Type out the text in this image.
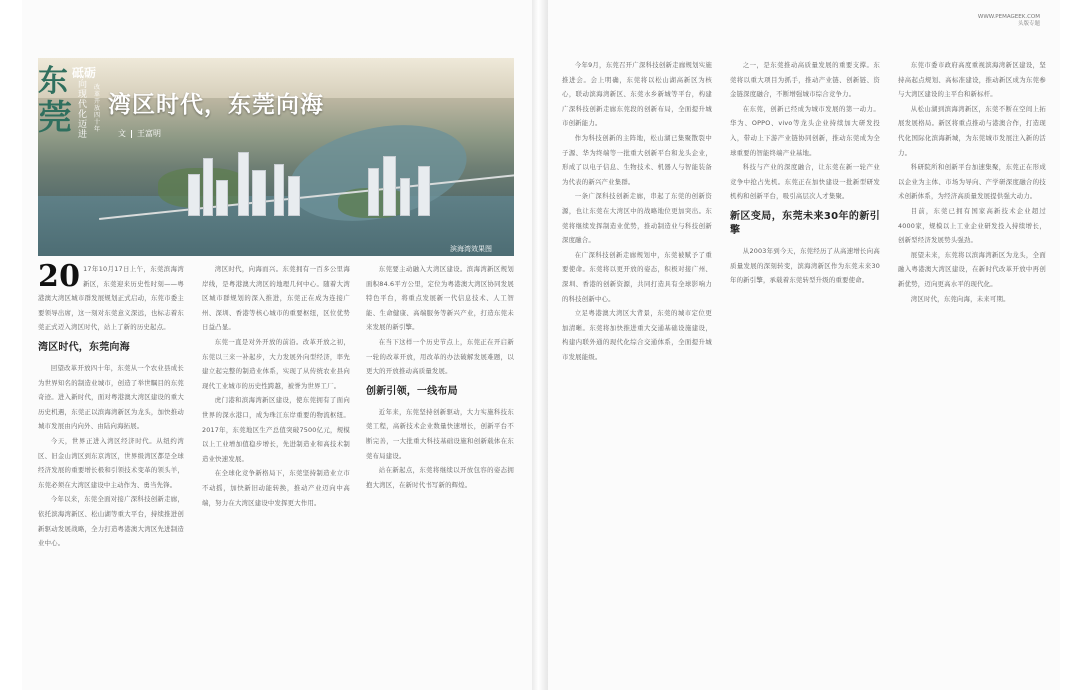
砥砺
东
莞
向现代化迈进
改革开放四十年
湾区时代，东莞向海
文 王富明
滨海湾效果图

20 17年10月17日上午，东莞滨海湾新区，东莞迎来历史性时刻——粤港澳大湾区城市群发展规划正式启动，东莞市委主要领导出席，这一刻对东莞意义深远，也标志着东莞正式迈入湾区时代，站上了新的历史起点。

湾区时代，东莞向海

回望改革开放四十年，东莞从一个农业县成长为世界知名的制造业城市，创造了举世瞩目的东莞奇迹。进入新时代，面对粤港澳大湾区建设的重大历史机遇，东莞正以滨海湾新区为龙头，加快推动城市发展由内向外、由陆向海拓展。

今天，世界正进入湾区经济时代。从纽约湾区、旧金山湾区到东京湾区，世界级湾区都是全球经济发展的重要增长极和引领技术变革的领头羊，东莞必须在大湾区建设中主动作为、勇当先锋。

今年以来，东莞全面对接广深科技创新走廊，依托滨海湾新区、松山湖等重大平台，持续推进创新驱动发展战略，全力打造粤港澳大湾区先进制造业中心。

湾区时代，向海而兴。东莞拥有一百多公里海岸线，是粤港澳大湾区的地理几何中心。随着大湾区城市群规划的深入推进，东莞正在成为连接广州、深圳、香港等核心城市的重要枢纽，区位优势日益凸显。

东莞一直是对外开放的前沿。改革开放之初，东莞以三来一补起步，大力发展外向型经济，率先建立起完整的制造业体系，实现了从传统农业县向现代工业城市的历史性跨越，被誉为世界工厂。

虎门港和滨海湾新区建设，使东莞拥有了面向世界的深水港口，成为珠江东岸重要的物流枢纽。2017年，东莞地区生产总值突破7500亿元，规模以上工业增加值稳步增长，先进制造业和高技术制造业快速发展。

在全球化竞争新格局下，东莞坚持制造业立市不动摇，加快新旧动能转换，推动产业迈向中高端，努力在大湾区建设中发挥更大作用。

东莞要主动融入大湾区建设。滨海湾新区规划面积84.6平方公里，定位为粤港澳大湾区协同发展特色平台，将重点发展新一代信息技术、人工智能、生命健康、高端服务等新兴产业，打造东莞未来发展的新引擎。

在当下这样一个历史节点上，东莞正在开启新一轮的改革开放，用改革的办法破解发展难题，以更大的开放推动高质量发展。

创新引领，一线布局

近年来，东莞坚持创新驱动，大力实施科技东莞工程，高新技术企业数量快速增长，创新平台不断完善，一大批重大科技基础设施和创新载体在东莞布局建设。

站在新起点，东莞将继续以开放包容的姿态拥抱大湾区，在新时代书写新的辉煌。

WWW.PEMAGEEK.COM
头版专题

今年9月，东莞召开广深科技创新走廊规划实施推进会。会上明确，东莞将以松山湖高新区为核心，联动滨海湾新区、东莞水乡新城等平台，构建广深科技创新走廊东莞段的创新布局，全面提升城市创新能力。

作为科技创新的主阵地，松山湖已集聚散裂中子源、华为终端等一批重大创新平台和龙头企业，形成了以电子信息、生物技术、机器人与智能装备为代表的新兴产业集群。

一条广深科技创新走廊，串起了东莞的创新资源，也让东莞在大湾区中的战略地位更加突出。东莞将继续发挥制造业优势，推动制造业与科技创新深度融合。

在广深科技创新走廊规划中，东莞被赋予了重要使命。东莞将以更开放的姿态，积极对接广州、深圳、香港的创新资源，共同打造具有全球影响力的科技创新中心。

立足粤港澳大湾区大背景，东莞的城市定位更加清晰。东莞将加快推进重大交通基础设施建设，构建内联外通的现代化综合交通体系，全面提升城市发展能级。

之一，是东莞推动高质量发展的重要支撑。东莞将以重大项目为抓手，推动产业链、创新链、资金链深度融合，不断增强城市综合竞争力。

在东莞，创新已经成为城市发展的第一动力。华为、OPPO、vivo等龙头企业持续加大研发投入，带动上下游产业链协同创新，推动东莞成为全球重要的智能终端产业基地。

科技与产业的深度融合，让东莞在新一轮产业竞争中抢占先机。东莞正在加快建设一批新型研发机构和创新平台，吸引高层次人才集聚。

新区变局，东莞未来30年的新引擎

从2003年到今天，东莞经历了从高速增长向高质量发展的深刻转变，滨海湾新区作为东莞未来30年的新引擎，承载着东莞转型升级的重要使命。

东莞市委市政府高度重视滨海湾新区建设，坚持高起点规划、高标准建设，推动新区成为东莞参与大湾区建设的主平台和新标杆。

从松山湖到滨海湾新区，东莞不断在空间上拓展发展格局。新区将重点推动与港澳合作，打造现代化国际化滨海新城，为东莞城市发展注入新的活力。

科研院所和创新平台加速集聚，东莞正在形成以企业为主体、市场为导向、产学研深度融合的技术创新体系，为经济高质量发展提供强大动力。

目前，东莞已拥有国家高新技术企业超过4000家，规模以上工业企业研发投入持续增长，创新型经济发展势头强劲。

展望未来，东莞将以滨海湾新区为龙头，全面融入粤港澳大湾区建设，在新时代改革开放中再创新优势，迈向更高水平的现代化。

湾区时代，东莞向海，未来可期。
